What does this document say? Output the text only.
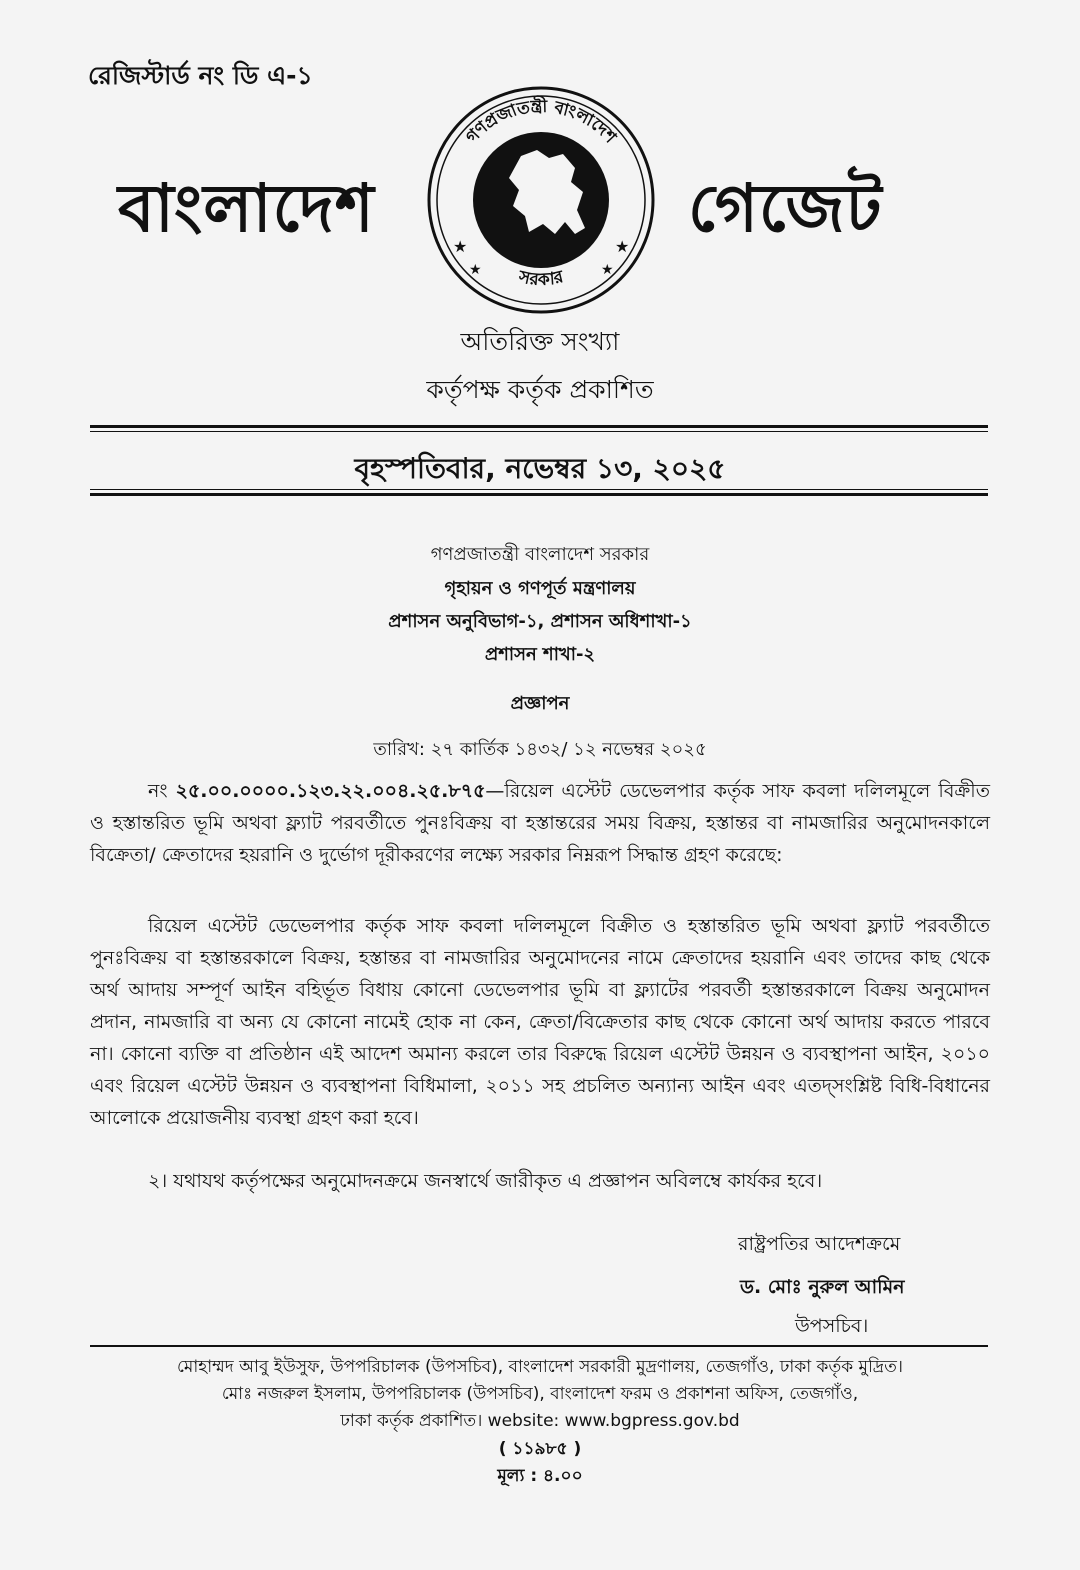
রেজিস্টার্ড নং ডি এ-১
বাংলাদেশ	গেজেট
গণপ্রজাতন্ত্রী বাংলাদেশ
সরকার
★
★
★
★
অতিরিক্ত সংখ্যা
কর্তৃপক্ষ কর্তৃক প্রকাশিত
বৃহস্পতিবার, নভেম্বর ১৩, ২০২৫
গণপ্রজাতন্ত্রী বাংলাদেশ সরকার
গৃহায়ন ও গণপূর্ত মন্ত্রণালয়
প্রশাসন অনুবিভাগ-১, প্রশাসন অধিশাখা-১
প্রশাসন শাখা-২
প্রজ্ঞাপন
তারিখ: ২৭ কার্তিক ১৪৩২/ ১২ নভেম্বর ২০২৫
নং ২৫.০০.০০০০.১২৩.২২.০০৪.২৫.৮৭৫—রিয়েল এস্টেট ডেভেলপার কর্তৃক সাফ কবলা দলিলমূলে বিক্রীত ও হস্তান্তরিত ভূমি অথবা ফ্ল্যাট পরবর্তীতে পুনঃবিক্রয় বা হস্তান্তরের সময় বিক্রয়, হস্তান্তর বা নামজারির অনুমোদনকালে বিক্রেতা/ ক্রেতাদের হয়রানি ও দুর্ভোগ দূরীকরণের লক্ষ্যে সরকার নিম্নরূপ সিদ্ধান্ত গ্রহণ করেছে:
রিয়েল এস্টেট ডেভেলপার কর্তৃক সাফ কবলা দলিলমূলে বিক্রীত ও হস্তান্তরিত ভূমি অথবা ফ্ল্যাট পরবর্তীতে পুনঃবিক্রয় বা হস্তান্তরকালে বিক্রয়, হস্তান্তর বা নামজারির অনুমোদনের নামে ক্রেতাদের হয়রানি এবং তাদের কাছ থেকে অর্থ আদায় সম্পূর্ণ আইন বহির্ভূত বিধায় কোনো ডেভেলপার ভূমি বা ফ্ল্যাটের পরবর্তী হস্তান্তরকালে বিক্রয় অনুমোদন প্রদান, নামজারি বা অন্য যে কোনো নামেই হোক না কেন, ক্রেতা/বিক্রেতার কাছ থেকে কোনো অর্থ আদায় করতে পারবে না। কোনো ব্যক্তি বা প্রতিষ্ঠান এই আদেশ অমান্য করলে তার বিরুদ্ধে রিয়েল এস্টেট উন্নয়ন ও ব্যবস্থাপনা আইন, ২০১০ এবং রিয়েল এস্টেট উন্নয়ন ও ব্যবস্থাপনা বিধিমালা, ২০১১ সহ প্রচলিত অন্যান্য আইন এবং এতদ্‌সংশ্লিষ্ট বিধি-বিধানের আলোকে প্রয়োজনীয় ব্যবস্থা গ্রহণ করা হবে।
২। যথাযথ কর্তৃপক্ষের অনুমোদনক্রমে জনস্বার্থে জারীকৃত এ প্রজ্ঞাপন অবিলম্বে কার্যকর হবে।
রাষ্ট্রপতির আদেশক্রমে
ড. মোঃ নুরুল আমিন
উপসচিব।
মোহাম্মদ আবু ইউসুফ, উপপরিচালক (উপসচিব), বাংলাদেশ সরকারী মুদ্রণালয়, তেজগাঁও, ঢাকা কর্তৃক মুদ্রিত।
মোঃ নজরুল ইসলাম, উপপরিচালক (উপসচিব), বাংলাদেশ ফরম ও প্রকাশনা অফিস, তেজগাঁও,
ঢাকা কর্তৃক প্রকাশিত। website: www.bgpress.gov.bd
( ১১৯৮৫ )
মূল্য : ৪.০০
